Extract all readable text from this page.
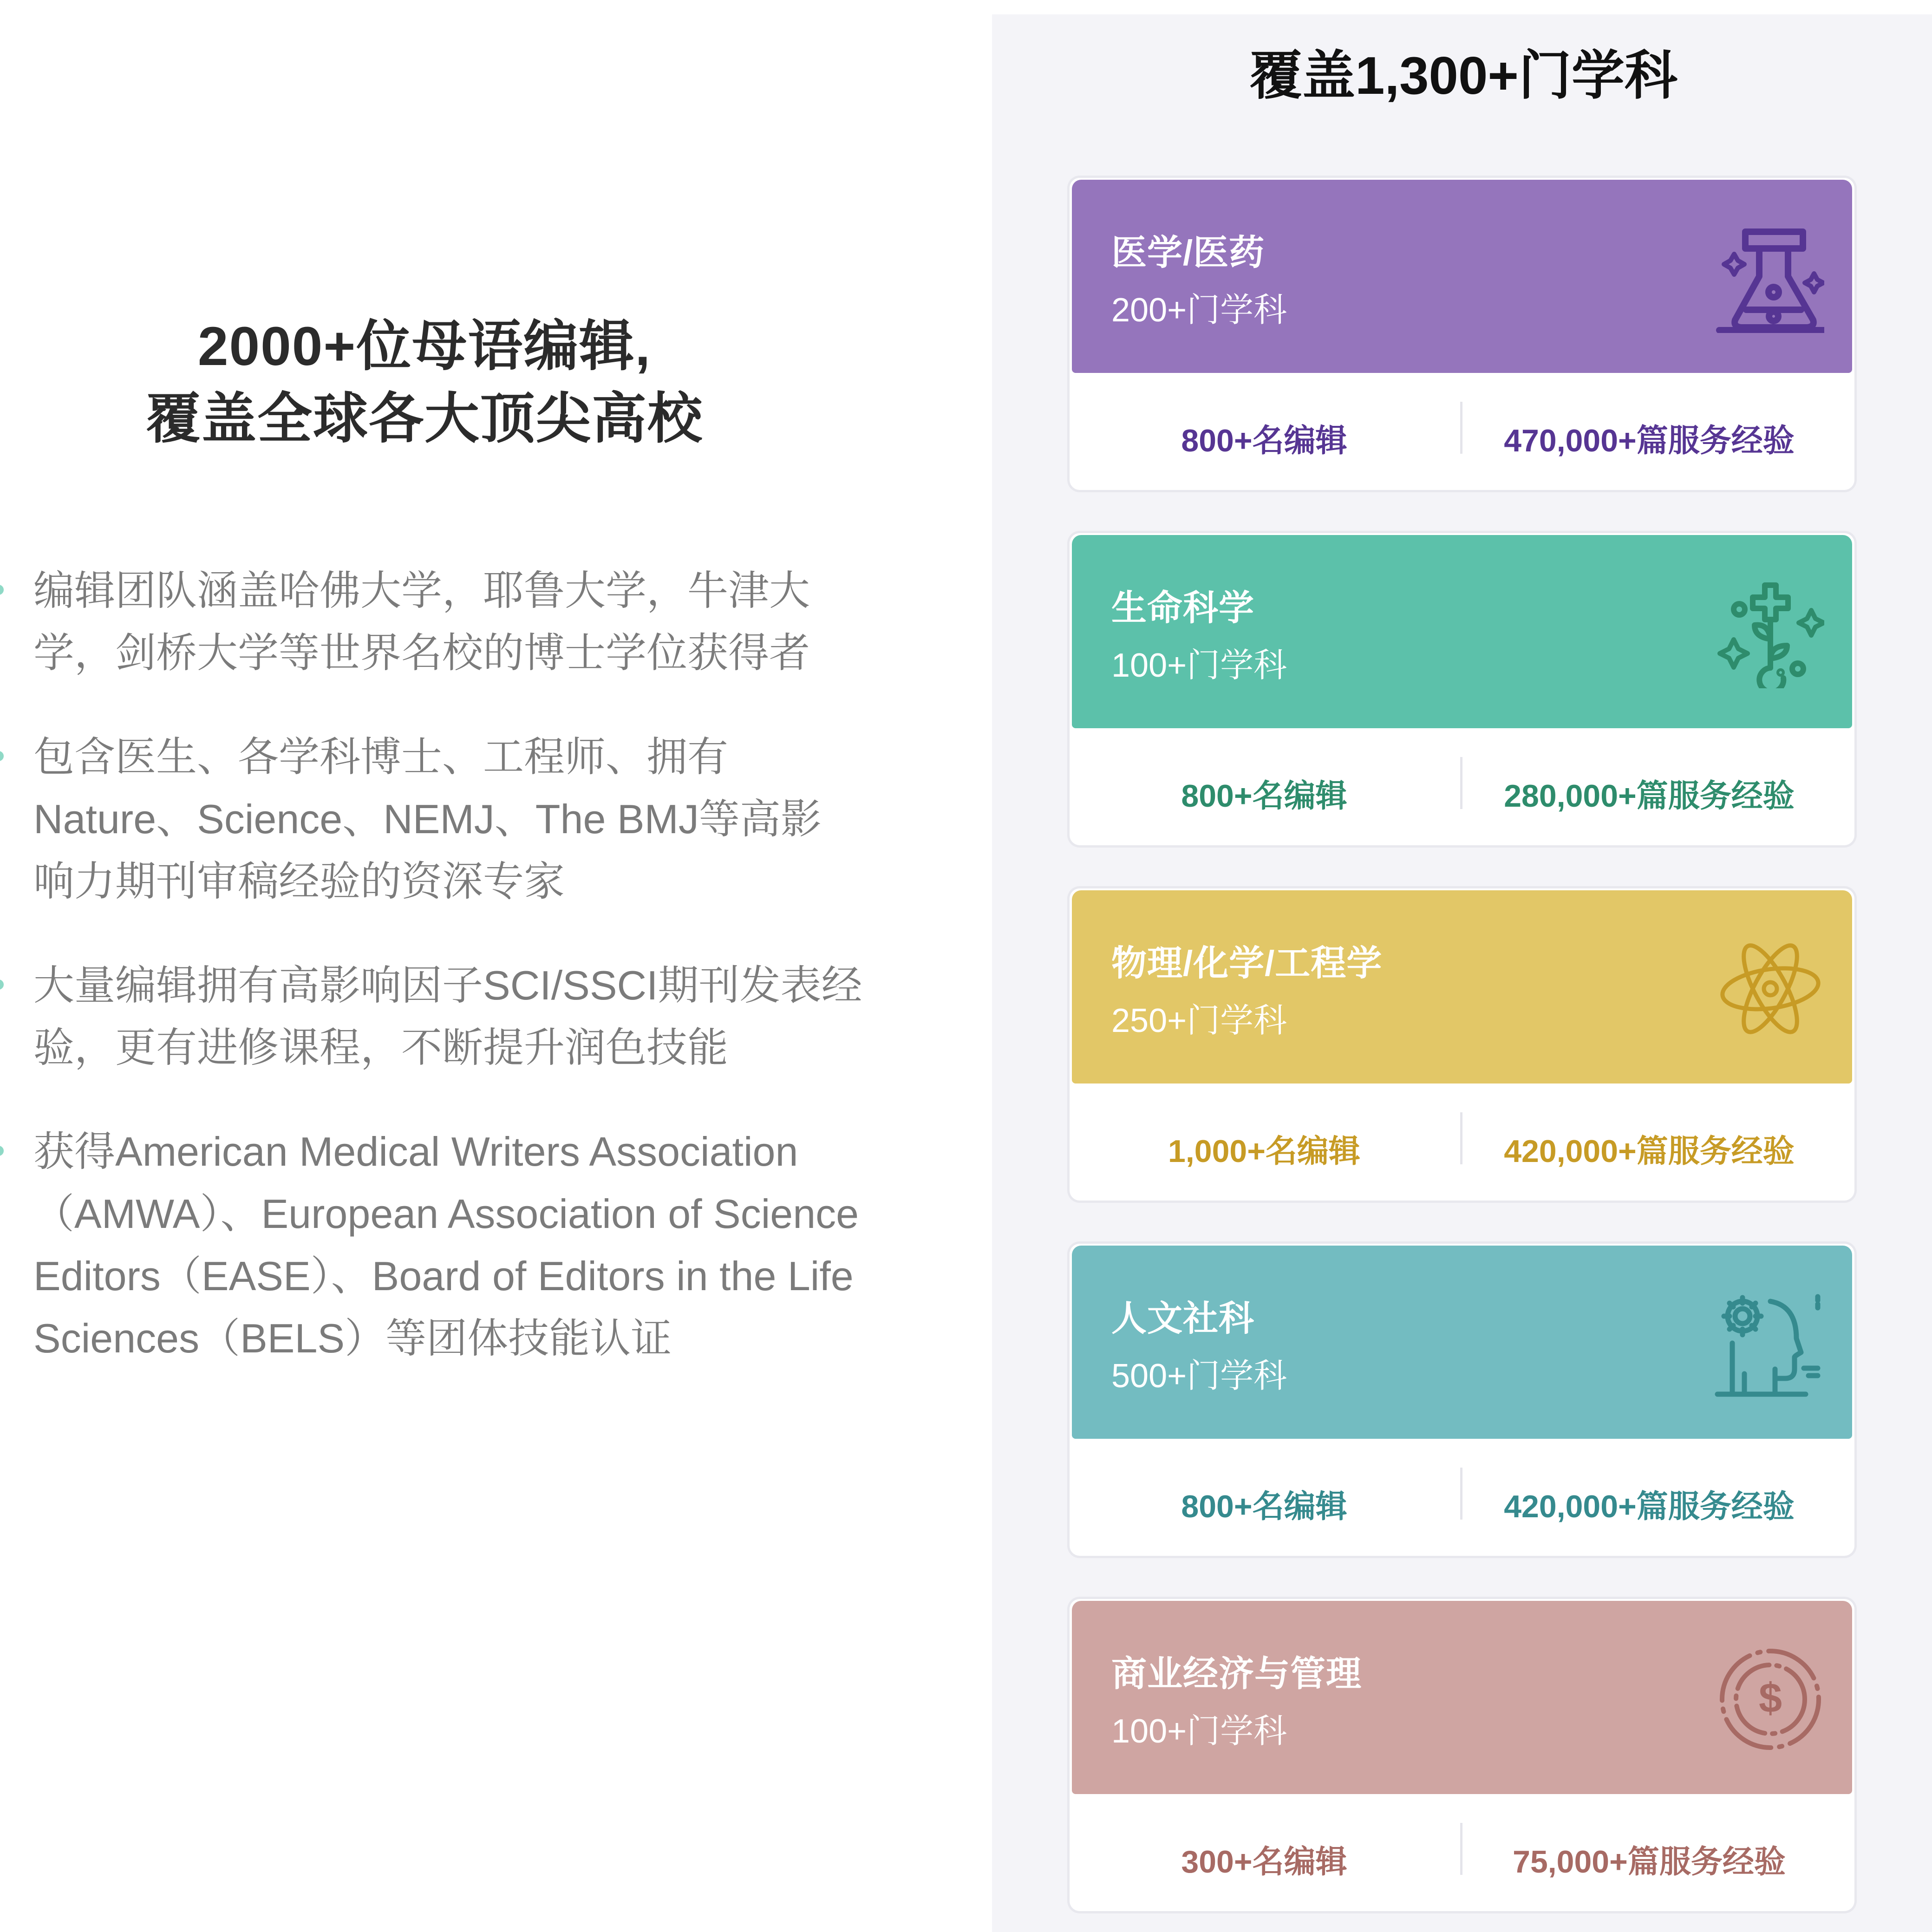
2000+位母语编辑,
覆盖全球各大顶尖高校
编辑团队涵盖哈佛大学，耶鲁大学，牛津大学，剑桥大学等世界名校的博士学位获得者
包含医生、各学科博士、工程师、拥有Nature、Science、NEMJ、The BMJ等高影响力期刊审稿经验的资深专家
大量编辑拥有高影响因子SCI/SSCI期刊发表经验，更有进修课程，不断提升润色技能
获得American Medical Writers Association（AMWA）、European Association of Science Editors（EASE）、Board of Editors in the Life Sciences（BELS）等团体技能认证
覆盖1,300+门学科
医学/医药
200+门学科
800+名编辑	470,000+篇服务经验
生命科学
100+门学科
800+名编辑	280,000+篇服务经验
物理/化学/工程学
250+门学科
1,000+名编辑	420,000+篇服务经验
人文社科
500+门学科
800+名编辑	420,000+篇服务经验
商业经济与管理
100+门学科
$
300+名编辑	75,000+篇服务经验
